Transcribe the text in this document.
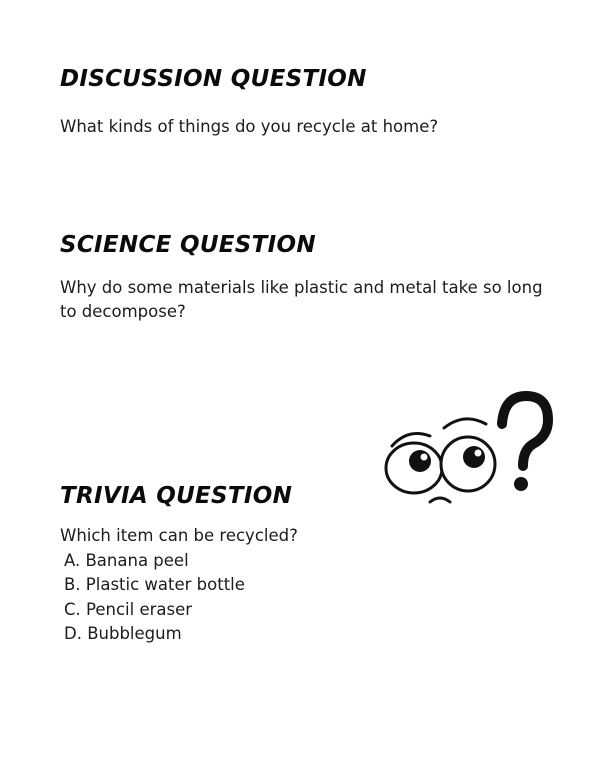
DISCUSSION QUESTION

What kinds of things do you recycle at home?

SCIENCE QUESTION

Why do some materials like plastic and metal take so long to decompose?

TRIVIA QUESTION

Which item can be recycled?

A. Banana peel
B. Plastic water bottle
C. Pencil eraser
D. Bubblegum
